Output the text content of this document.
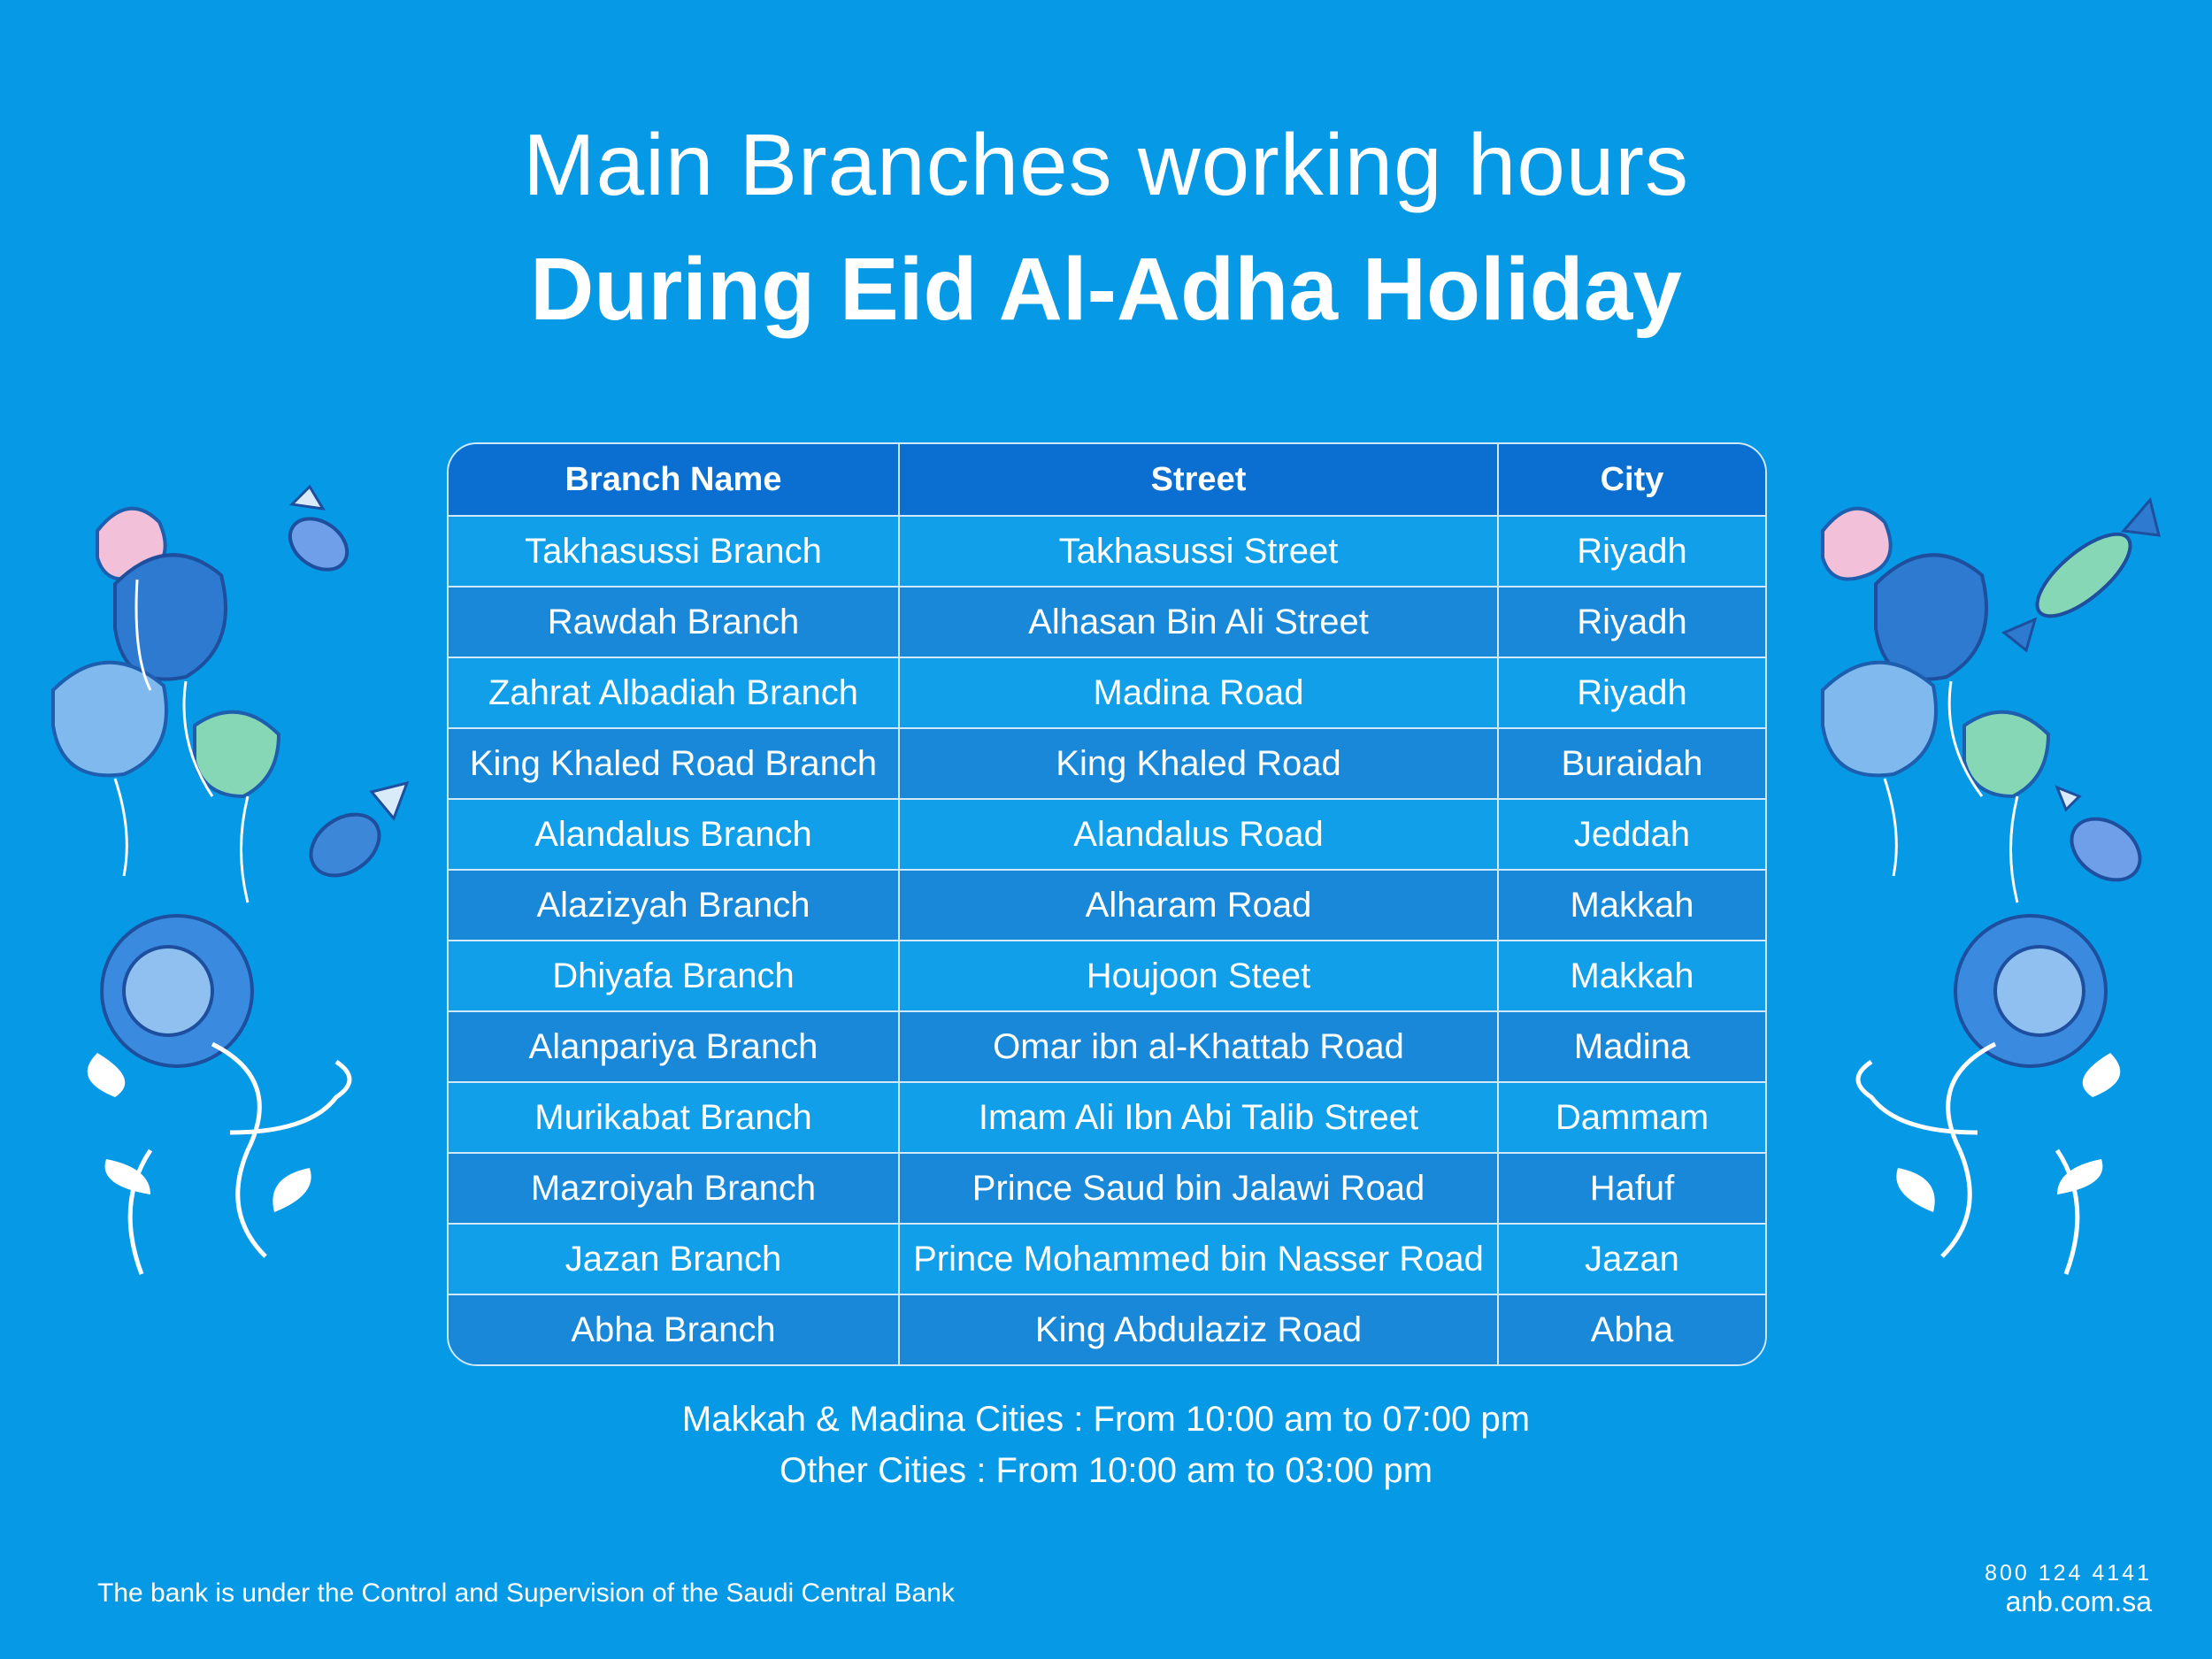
Main Branches working hours
During Eid Al-Adha Holiday
Branch Name	Street	City
Takhasussi Branch	Takhasussi Street	Riyadh
Rawdah Branch	Alhasan Bin Ali Street	Riyadh
Zahrat Albadiah Branch	Madina Road	Riyadh
King Khaled Road Branch	King Khaled Road	Buraidah
Alandalus Branch	Alandalus Road	Jeddah
Alazizyah Branch	Alharam Road	Makkah
Dhiyafa Branch	Houjoon Steet	Makkah
Alanpariya Branch	Omar ibn al-Khattab Road	Madina
Murikabat Branch	Imam Ali Ibn Abi Talib Street	Dammam
Mazroiyah Branch	Prince Saud bin Jalawi Road	Hafuf
Jazan Branch	Prince Mohammed bin Nasser Road	Jazan
Abha Branch	King Abdulaziz Road	Abha
Makkah & Madina Cities : From 10:00 am to 07:00 pm
Other Cities : From 10:00 am to 03:00 pm
The bank is under the Control and Supervision of the Saudi Central Bank
800 124 4141
anb.com.sa
